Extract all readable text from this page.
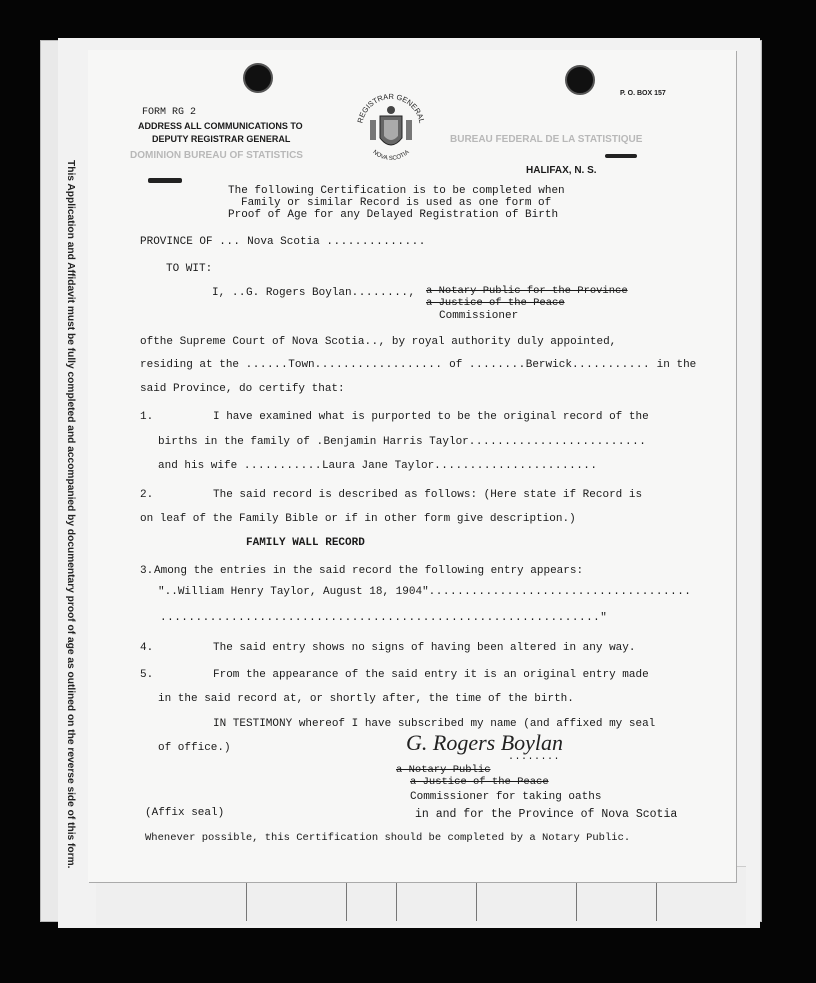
This Application and Affidavit must be fully completed and accompanied by documentary proof of age as outlined on the reverse side of this form.
DOMINION BUREAU OF STATISTICS
BUREAU FEDERAL DE LA STATISTIQUE
FORM RG 2
ADDRESS ALL COMMUNICATIONS TO
DEPUTY REGISTRAR GENERAL
P. O. BOX 157
HALIFAX, N. S.
REGISTRAR GENERAL
NOVA SCOTIA
The following Certification is to be completed when
Family or similar Record is used as one form of
Proof of Age for any Delayed Registration of Birth
PROVINCE OF ... Nova Scotia ..............
TO WIT:
I, ..G. Rogers Boylan........, a Notary Public for the Province
a Justice of the Peace
Commissioner
ofthe Supreme Court of Nova Scotia.., by royal authority duly appointed,
residing at the ......Town.................. of ........Berwick........... in the
said Province, do certify that:
1.	I have examined what is purported to be the original record of the
births in the family of .Benjamin Harris Taylor.........................
and his wife ...........Laura Jane Taylor.......................
2.	The said record is described as follows: (Here state if Record is
on leaf of the Family Bible or if in other form give description.)
FAMILY WALL RECORD
3. Among the entries in the said record the following entry appears:
"..William Henry Taylor, August 18, 1904".....................................
.............................................................."
4.	The said entry shows no signs of having been altered in any way.
5.	From the appearance of the said entry it is an original entry made
in the said record at, or shortly after, the time of the birth.
IN TESTIMONY whereof I have subscribed my name (and affixed my seal
of office.)	G. Rogers Boylan
........
a Notary Public
a Justice of the Peace
Commissioner for taking oaths
in and for the Province of Nova Scotia
(Affix seal)
Whenever possible, this Certification should be completed by a Notary Public.
